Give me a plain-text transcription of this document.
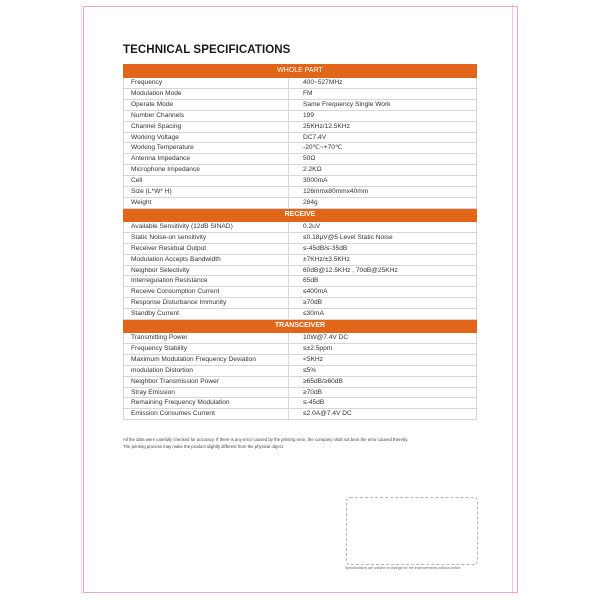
TECHNICAL SPECIFICATIONS
WHOLE PART	
Frequency	400~527MHz
Modulation Mode	FM
Operate Mode	Same Frequency Single Work
Number Channels	199
Channel Spacing	25KHz/12.5KHz
Working Voltage	DC7.4V
Working Temperature	-20℃~+70℃
Antenna Impedance	50Ω
Microphone Impedance	2.2KΩ
Cell	3000mA
Size (L*W* H)	126mmx80mmx40mm
Weight	284g
RECEIVE	
Available Sensitivity (12dB SINAD)	0.2uV
Static Noise-on sensitivity	≤0.18μV@5 Level Static Noise
Receiver Residual Output	≤-45dB/≤-35dB
Modulation Accepts Bandwidth	±7KHz/±3.5KHz
Neighbor Selectivity	60dB@12.5KHz , 70dB@25KHz
Interregulation Resistance	65dB
Receive Consumption Current	≤400mA
Response Disturbance Immunity	≥70dB
Standby Current	≤30mA
TRANSCEIVER	
Transmitting Power	10W@7.4V DC
Frequency Stability	≤±2.5ppm
Maximum Modulation Frequency Deviation	<5KHz
modulation Distortion	≤5%
Neighbor Transmission Power	≥65dB/≥60dB
Stray Emission	≥70dB
Remaining Frequency Modulation	≤-45dB
Emission Consumes Current	≤2.0A@7.4V DC
All the data were carefully checked for accuracy. If there is any error caused by the printing error, the company shall not bear the error caused thereby.
The printing process may make the product slightly different from the physical object.
Specifications are subject to change for the improvements without notice.
